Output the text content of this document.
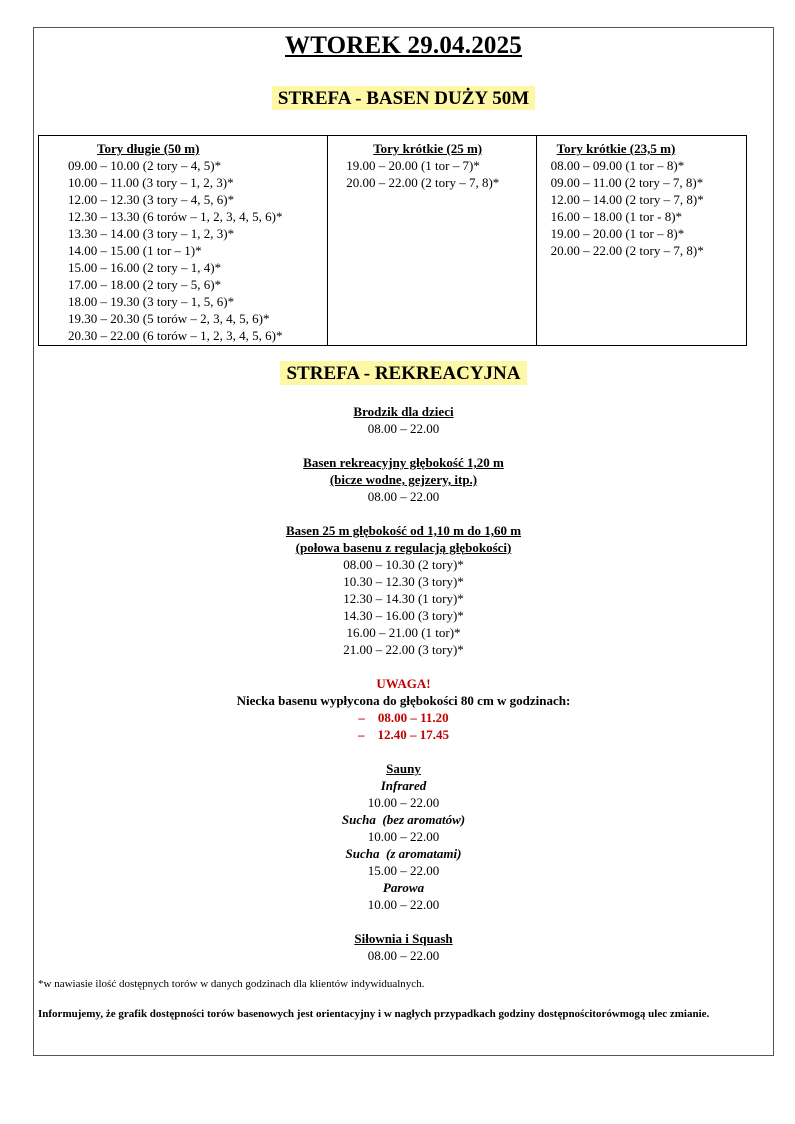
WTOREK 29.04.2025
STREFA - BASEN DUŻY 50M
Tory długie (50 m)
09.00 – 10.00 (2 tory – 4, 5)*
10.00 – 11.00 (3 tory – 1, 2, 3)*
12.00 – 12.30 (3 tory – 4, 5, 6)*
12.30 – 13.30 (6 torów – 1, 2, 3, 4, 5, 6)*
13.30 – 14.00 (3 tory – 1, 2, 3)*
14.00 – 15.00 (1 tor – 1)*
15.00 – 16.00 (2 tory – 1, 4)*
17.00 – 18.00 (2 tory – 5, 6)*
18.00 – 19.30 (3 tory – 1, 5, 6)*
19.30 – 20.30 (5 torów – 2, 3, 4, 5, 6)*
20.30 – 22.00 (6 torów – 1, 2, 3, 4, 5, 6)*
Tory krótkie (25 m)
19.00 – 20.00 (1 tor – 7)*
20.00 – 22.00 (2 tory – 7, 8)*
Tory krótkie (23,5 m)
08.00 – 09.00 (1 tor – 8)*
09.00 – 11.00 (2 tory – 7, 8)*
12.00 – 14.00 (2 tory – 7, 8)*
16.00 – 18.00 (1 tor - 8)*
19.00 – 20.00 (1 tor – 8)*
20.00 – 22.00 (2 tory – 7, 8)*
STREFA - REKREACYJNA
Brodzik dla dzieci
08.00 – 22.00
Basen rekreacyjny głębokość 1,20 m
(bicze wodne, gejzery, itp.)
08.00 – 22.00
Basen 25 m głębokość od 1,10 m do 1,60 m
(połowa basenu z regulacją głębokości)
08.00 – 10.30 (2 tory)*
10.30 – 12.30 (3 tory)*
12.30 – 14.30 (1 tory)*
14.30 – 16.00 (3 tory)*
16.00 – 21.00 (1 tor)*
21.00 – 22.00 (3 tory)*
UWAGA!
Niecka basenu wypłycona do głębokości 80 cm w godzinach:
–    08.00 – 11.20
–    12.40 – 17.45
Sauny
Infrared
10.00 – 22.00
Sucha  (bez aromatów)
10.00 – 22.00
Sucha  (z aromatami)
15.00 – 22.00
Parowa
10.00 – 22.00
Siłownia i Squash
08.00 – 22.00
*w nawiasie ilość dostępnych torów w danych godzinach dla klientów indywidualnych.
Informujemy, że grafik dostępności torów basenowych jest orientacyjny i w nagłych przypadkach godziny dostępnościtorówmogą ulec zmianie.
